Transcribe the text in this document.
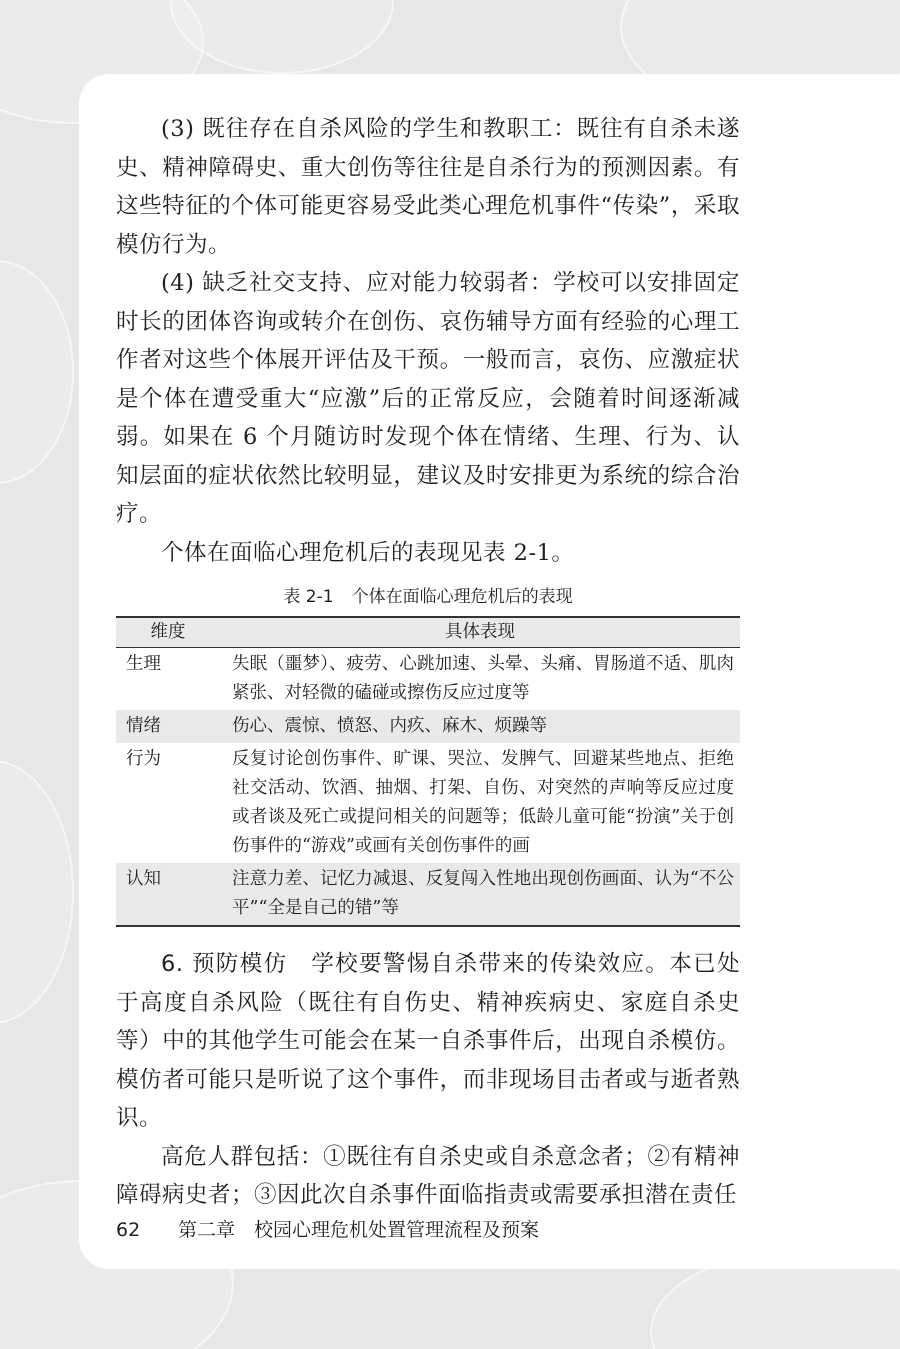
(3) 既往存在自杀风险的学生和教职工：既往有自杀未遂史、精神障碍史、重大创伤等往往是自杀行为的预测因素。有这些特征的个体可能更容易受此类心理危机事件“传染”，采取模仿行为。

(4) 缺乏社交支持、应对能力较弱者：学校可以安排固定时长的团体咨询或转介在创伤、哀伤辅导方面有经验的心理工作者对这些个体展开评估及干预。一般而言，哀伤、应激症状是个体在遭受重大“应激”后的正常反应，会随着时间逐渐减弱。如果在 6 个月随访时发现个体在情绪、生理、行为、认知层面的症状依然比较明显，建议及时安排更为系统的综合治疗。

个体在面临心理危机后的表现见表 2-1。

表 2-1 个体在面临心理危机后的表现
维度	具体表现
生理	失眠（噩梦）、疲劳、心跳加速、头晕、头痛、胃肠道不适、肌肉紧张、对轻微的磕碰或擦伤反应过度等
情绪	伤心、震惊、愤怒、内疚、麻木、烦躁等
行为	反复讨论创伤事件、旷课、哭泣、发脾气、回避某些地点、拒绝社交活动、饮酒、抽烟、打架、自伤、对突然的声响等反应过度或者谈及死亡或提问相关的问题等；低龄儿童可能“扮演”关于创伤事件的“游戏”或画有关创伤事件的画
认知	注意力差、记忆力减退、反复闯入性地出现创伤画面、认为“不公平”“全是自己的错”等

6. 预防模仿　 学校要警惕自杀带来的传染效应。本已处于高度自杀风险（既往有自伤史、精神疾病史、家庭自杀史等）中的其他学生可能会在某一自杀事件后，出现自杀模仿。模仿者可能只是听说了这个事件，而非现场目击者或与逝者熟识。

高危人群包括：①既往有自杀史或自杀意念者；②有精神障碍病史者；③因此次自杀事件面临指责或需要承担潜在责任

62 第二章　校园心理危机处置管理流程及预案
